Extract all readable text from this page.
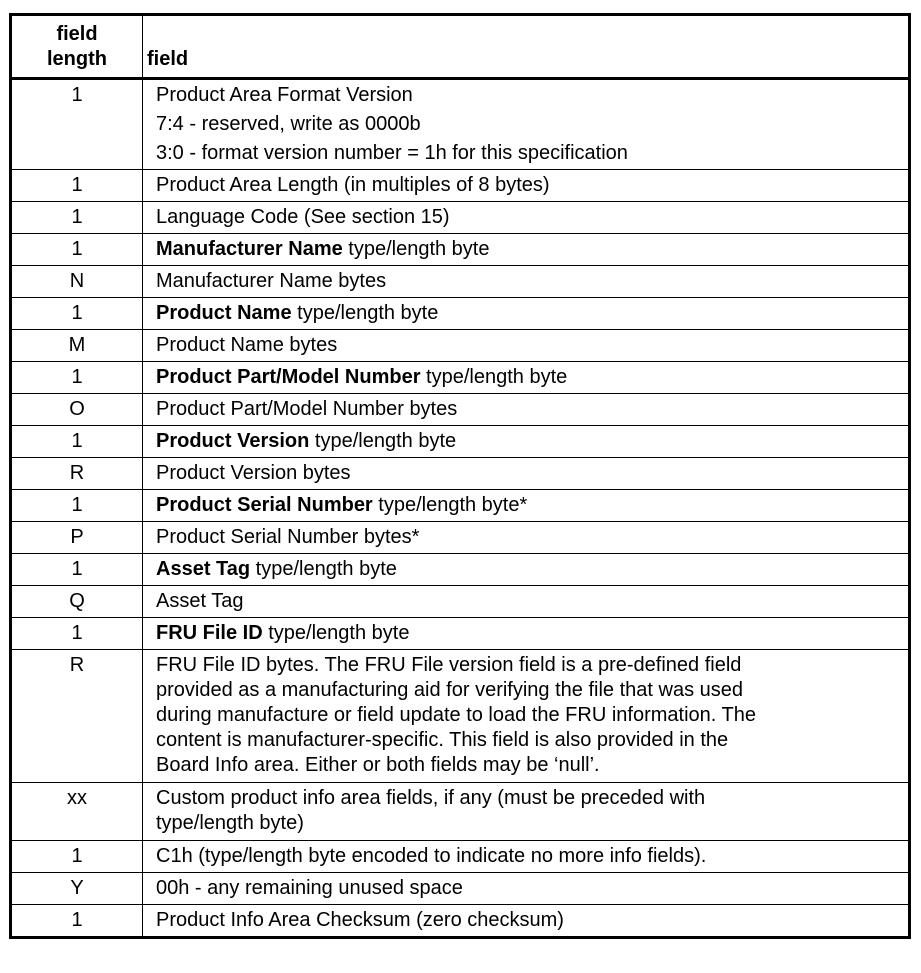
field
length	field
1	Product Area Format Version
7:4 - reserved, write as 0000b
3:0 - format version number = 1h for this specification

1	Product Area Length (in multiples of 8 bytes)
1	Language Code (See section 15)
1	Manufacturer Name type/length byte
N	Manufacturer Name bytes
1	Product Name type/length byte
M	Product Name bytes
1	Product Part/Model Number type/length byte
O	Product Part/Model Number bytes
1	Product Version type/length byte
R	Product Version bytes
1	Product Serial Number type/length byte*
P	Product Serial Number bytes*
1	Asset Tag type/length byte
Q	Asset Tag
1	FRU File ID type/length byte
R	FRU File ID bytes. The FRU File version field is a pre-defined field
provided as a manufacturing aid for verifying the file that was used
during manufacture or field update to load the FRU information. The
content is manufacturer-specific. This field is also provided in the
Board Info area. Either or both fields may be ‘null’.

xx	Custom product info area fields, if any (must be preceded with
type/length byte)

1	C1h (type/length byte encoded to indicate no more info fields).
Y	00h - any remaining unused space
1	Product Info Area Checksum (zero checksum)
